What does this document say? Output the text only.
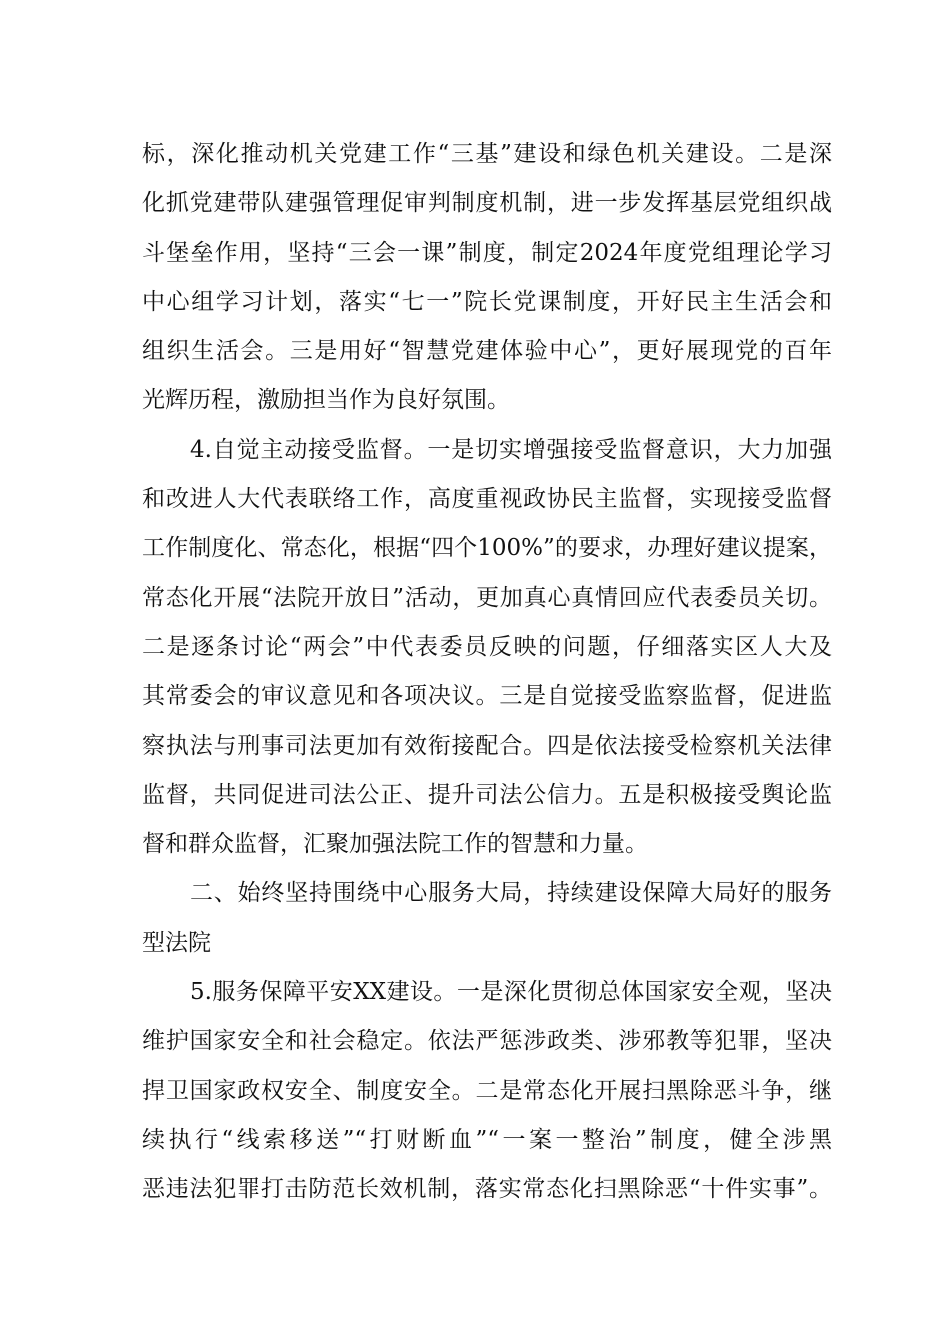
标，深化推动机关党建工作“三基”建设和绿色机关建设。二是深
化抓党建带队建强管理促审判制度机制，进一步发挥基层党组织战
斗堡垒作用，坚持“三会一课”制度，制定2024年度党组理论学习
中心组学习计划，落实“七一”院长党课制度，开好民主生活会和
组织生活会。三是用好“智慧党建体验中心”，更好展现党的百年
光辉历程，激励担当作为良好氛围。
4.自觉主动接受监督。一是切实增强接受监督意识，大力加强
和改进人大代表联络工作，高度重视政协民主监督，实现接受监督
工作制度化、常态化，根据“四个100%”的要求，办理好建议提案，
常态化开展“法院开放日”活动，更加真心真情回应代表委员关切。
二是逐条讨论“两会”中代表委员反映的问题，仔细落实区人大及
其常委会的审议意见和各项决议。三是自觉接受监察监督，促进监
察执法与刑事司法更加有效衔接配合。四是依法接受检察机关法律
监督，共同促进司法公正、提升司法公信力。五是积极接受舆论监
督和群众监督，汇聚加强法院工作的智慧和力量。
二、始终坚持围绕中心服务大局，持续建设保障大局好的服务
型法院
5.服务保障平安XX建设。一是深化贯彻总体国家安全观，坚决
维护国家安全和社会稳定。依法严惩涉政类、涉邪教等犯罪，坚决
捍卫国家政权安全、制度安全。二是常态化开展扫黑除恶斗争，继
续执行“线索移送”“打财断血”“一案一整治”制度，健全涉黑
恶违法犯罪打击防范长效机制，落实常态化扫黑除恶“十件实事”。
